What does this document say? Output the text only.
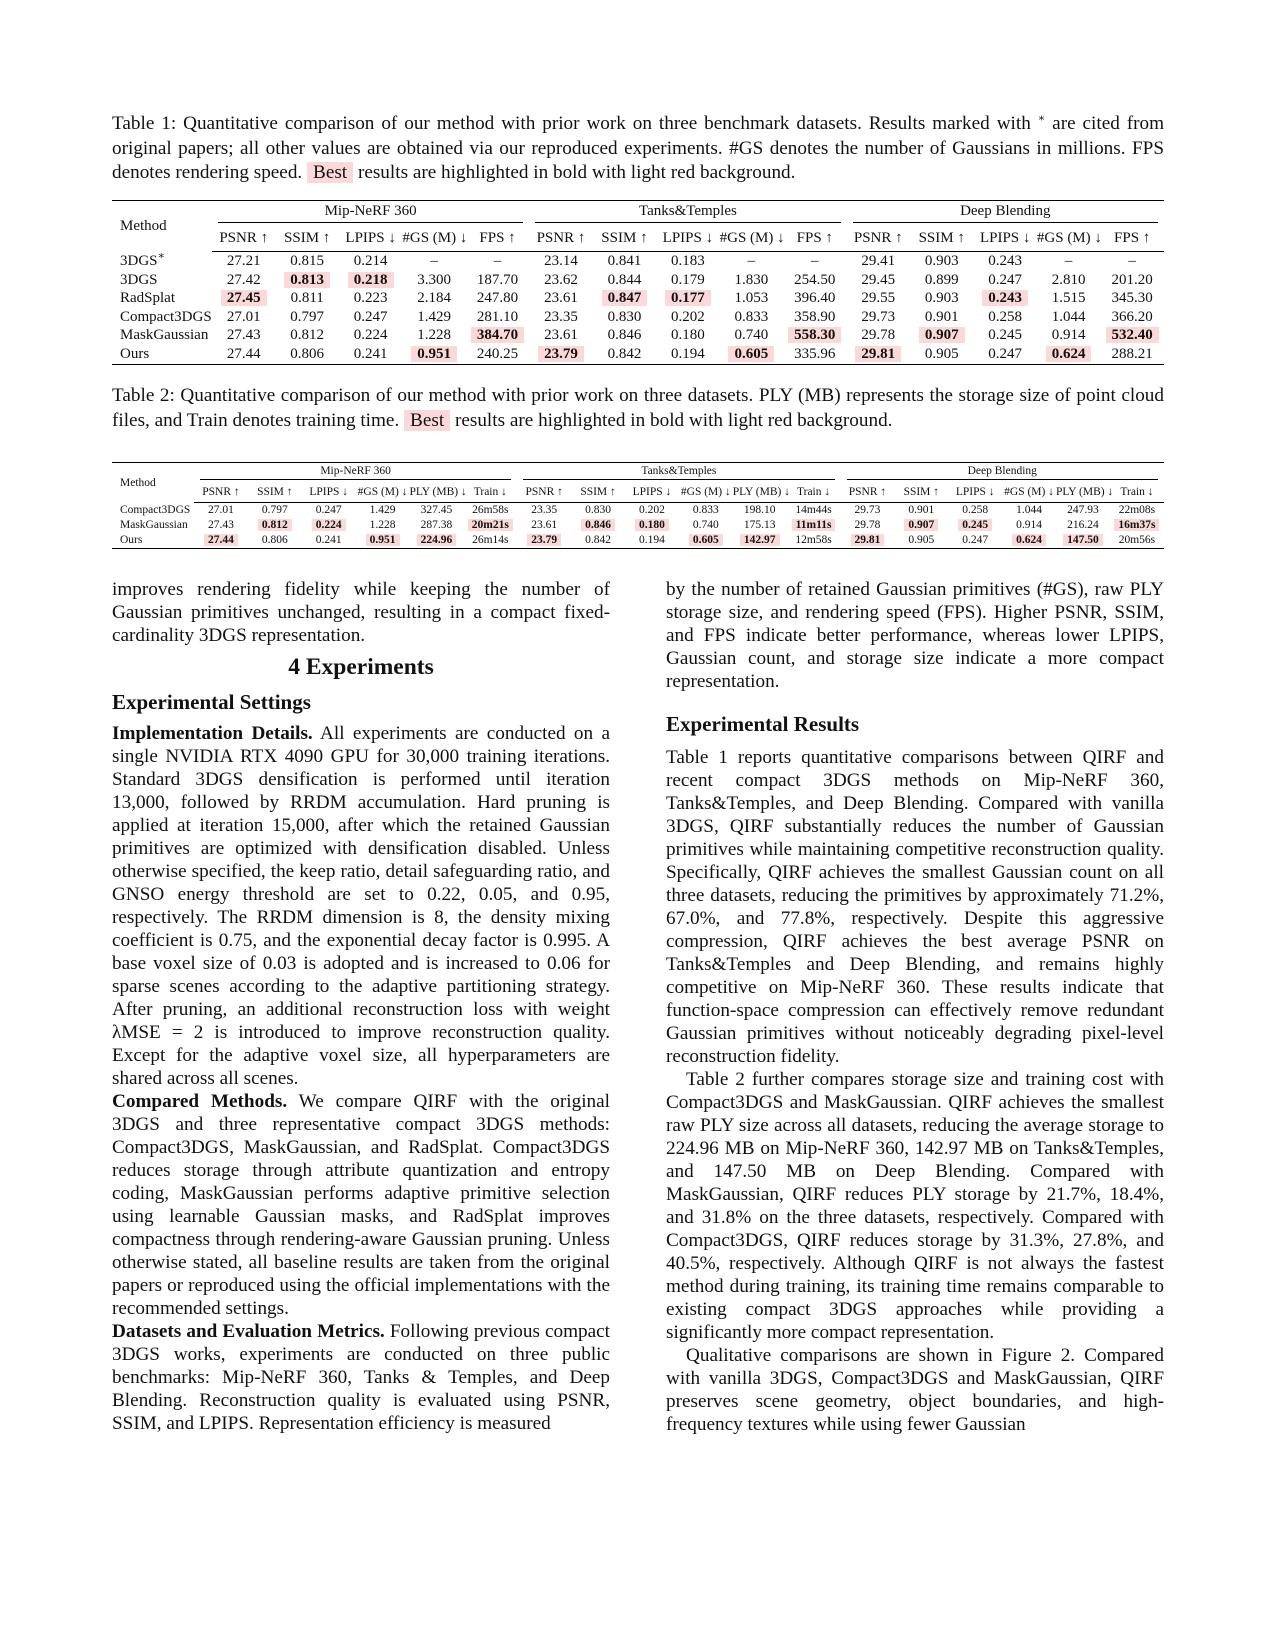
Table 1: Quantitative comparison of our method with prior work on three benchmark datasets. Results marked with ∗ are cited from original papers; all other values are obtained via our reproduced experiments. #GS denotes the number of Gaussians in millions. FPS denotes rendering speed. Best results are highlighted in bold with light red background.
Method	Mip-NeRF 360					Tanks&Temples					Deep Blending				

	PSNR ↑	SSIM ↑	LPIPS ↓	#GS (M) ↓	FPS ↑	PSNR ↑	SSIM ↑	LPIPS ↓	#GS (M) ↓	FPS ↑	PSNR ↑	SSIM ↑	LPIPS ↓	#GS (M) ↓	FPS ↑
3DGS∗	27.21	0.815	0.214	–	–	23.14	0.841	0.183	–	–	29.41	0.903	0.243	–	–
3DGS	27.42	0.813	0.218	3.300	187.70	23.62	0.844	0.179	1.830	254.50	29.45	0.899	0.247	2.810	201.20
RadSplat	27.45	0.811	0.223	2.184	247.80	23.61	0.847	0.177	1.053	396.40	29.55	0.903	0.243	1.515	345.30
Compact3DGS	27.01	0.797	0.247	1.429	281.10	23.35	0.830	0.202	0.833	358.90	29.73	0.901	0.258	1.044	366.20
MaskGaussian	27.43	0.812	0.224	1.228	384.70	23.61	0.846	0.180	0.740	558.30	29.78	0.907	0.245	0.914	532.40
Ours	27.44	0.806	0.241	0.951	240.25	23.79	0.842	0.194	0.605	335.96	29.81	0.905	0.247	0.624	288.21
Table 2: Quantitative comparison of our method with prior work on three datasets. PLY (MB) represents the storage size of point cloud files, and Train denotes training time. Best results are highlighted in bold with light red background.
Method	Mip-NeRF 360						Tanks&Temples						Deep Blending					

	PSNR ↑	SSIM ↑	LPIPS ↓	#GS (M) ↓	PLY (MB) ↓	Train ↓	PSNR ↑	SSIM ↑	LPIPS ↓	#GS (M) ↓	PLY (MB) ↓	Train ↓	PSNR ↑	SSIM ↑	LPIPS ↓	#GS (M) ↓	PLY (MB) ↓	Train ↓
Compact3DGS	27.01	0.797	0.247	1.429	327.45	26m58s	23.35	0.830	0.202	0.833	198.10	14m44s	29.73	0.901	0.258	1.044	247.93	22m08s
MaskGaussian	27.43	0.812	0.224	1.228	287.38	20m21s	23.61	0.846	0.180	0.740	175.13	11m11s	29.78	0.907	0.245	0.914	216.24	16m37s
Ours	27.44	0.806	0.241	0.951	224.96	26m14s	23.79	0.842	0.194	0.605	142.97	12m58s	29.81	0.905	0.247	0.624	147.50	20m56s

improves rendering fidelity while keeping the number of Gaussian primitives unchanged, resulting in a compact fixed-cardinality 3DGS representation.

4 Experiments
Experimental Settings

Implementation Details. All experiments are conducted on a single NVIDIA RTX 4090 GPU for 30,000 training iterations. Standard 3DGS densification is performed until iteration 13,000, followed by RRDM accumulation. Hard pruning is applied at iteration 15,000, after which the retained Gaussian primitives are optimized with densification disabled. Unless otherwise specified, the keep ratio, detail safeguarding ratio, and GNSO energy threshold are set to 0.22, 0.05, and 0.95, respectively. The RRDM dimension is 8, the density mixing coefficient is 0.75, and the exponential decay factor is 0.995. A base voxel size of 0.03 is adopted and is increased to 0.06 for sparse scenes according to the adaptive partitioning strategy. After pruning, an additional reconstruction loss with weight λMSE = 2 is introduced to improve reconstruction quality. Except for the adaptive voxel size, all hyperparameters are shared across all scenes.

Compared Methods. We compare QIRF with the original 3DGS and three representative compact 3DGS methods: Compact3DGS, MaskGaussian, and RadSplat. Compact3DGS reduces storage through attribute quantization and entropy coding, MaskGaussian performs adaptive primitive selection using learnable Gaussian masks, and RadSplat improves compactness through rendering-aware Gaussian pruning. Unless otherwise stated, all baseline results are taken from the original papers or reproduced using the official implementations with the recommended settings.

Datasets and Evaluation Metrics. Following previous compact 3DGS works, experiments are conducted on three public benchmarks: Mip-NeRF 360, Tanks & Temples, and Deep Blending. Reconstruction quality is evaluated using PSNR, SSIM, and LPIPS. Representation efficiency is measured

by the number of retained Gaussian primitives (#GS), raw PLY storage size, and rendering speed (FPS). Higher PSNR, SSIM, and FPS indicate better performance, whereas lower LPIPS, Gaussian count, and storage size indicate a more compact representation.

Experimental Results

Table 1 reports quantitative comparisons between QIRF and recent compact 3DGS methods on Mip-NeRF 360, Tanks&Temples, and Deep Blending. Compared with vanilla 3DGS, QIRF substantially reduces the number of Gaussian primitives while maintaining competitive reconstruction quality. Specifically, QIRF achieves the smallest Gaussian count on all three datasets, reducing the primitives by approximately 71.2%, 67.0%, and 77.8%, respectively. Despite this aggressive compression, QIRF achieves the best average PSNR on Tanks&Temples and Deep Blending, and remains highly competitive on Mip-NeRF 360. These results indicate that function-space compression can effectively remove redundant Gaussian primitives without noticeably degrading pixel-level reconstruction fidelity.

Table 2 further compares storage size and training cost with Compact3DGS and MaskGaussian. QIRF achieves the smallest raw PLY size across all datasets, reducing the average storage to 224.96 MB on Mip-NeRF 360, 142.97 MB on Tanks&Temples, and 147.50 MB on Deep Blending. Compared with MaskGaussian, QIRF reduces PLY storage by 21.7%, 18.4%, and 31.8% on the three datasets, respectively. Compared with Compact3DGS, QIRF reduces storage by 31.3%, 27.8%, and 40.5%, respectively. Although QIRF is not always the fastest method during training, its training time remains comparable to existing compact 3DGS approaches while providing a significantly more compact representation.

Qualitative comparisons are shown in Figure 2. Compared with vanilla 3DGS, Compact3DGS and MaskGaussian, QIRF preserves scene geometry, object boundaries, and high-frequency textures while using fewer Gaussian
